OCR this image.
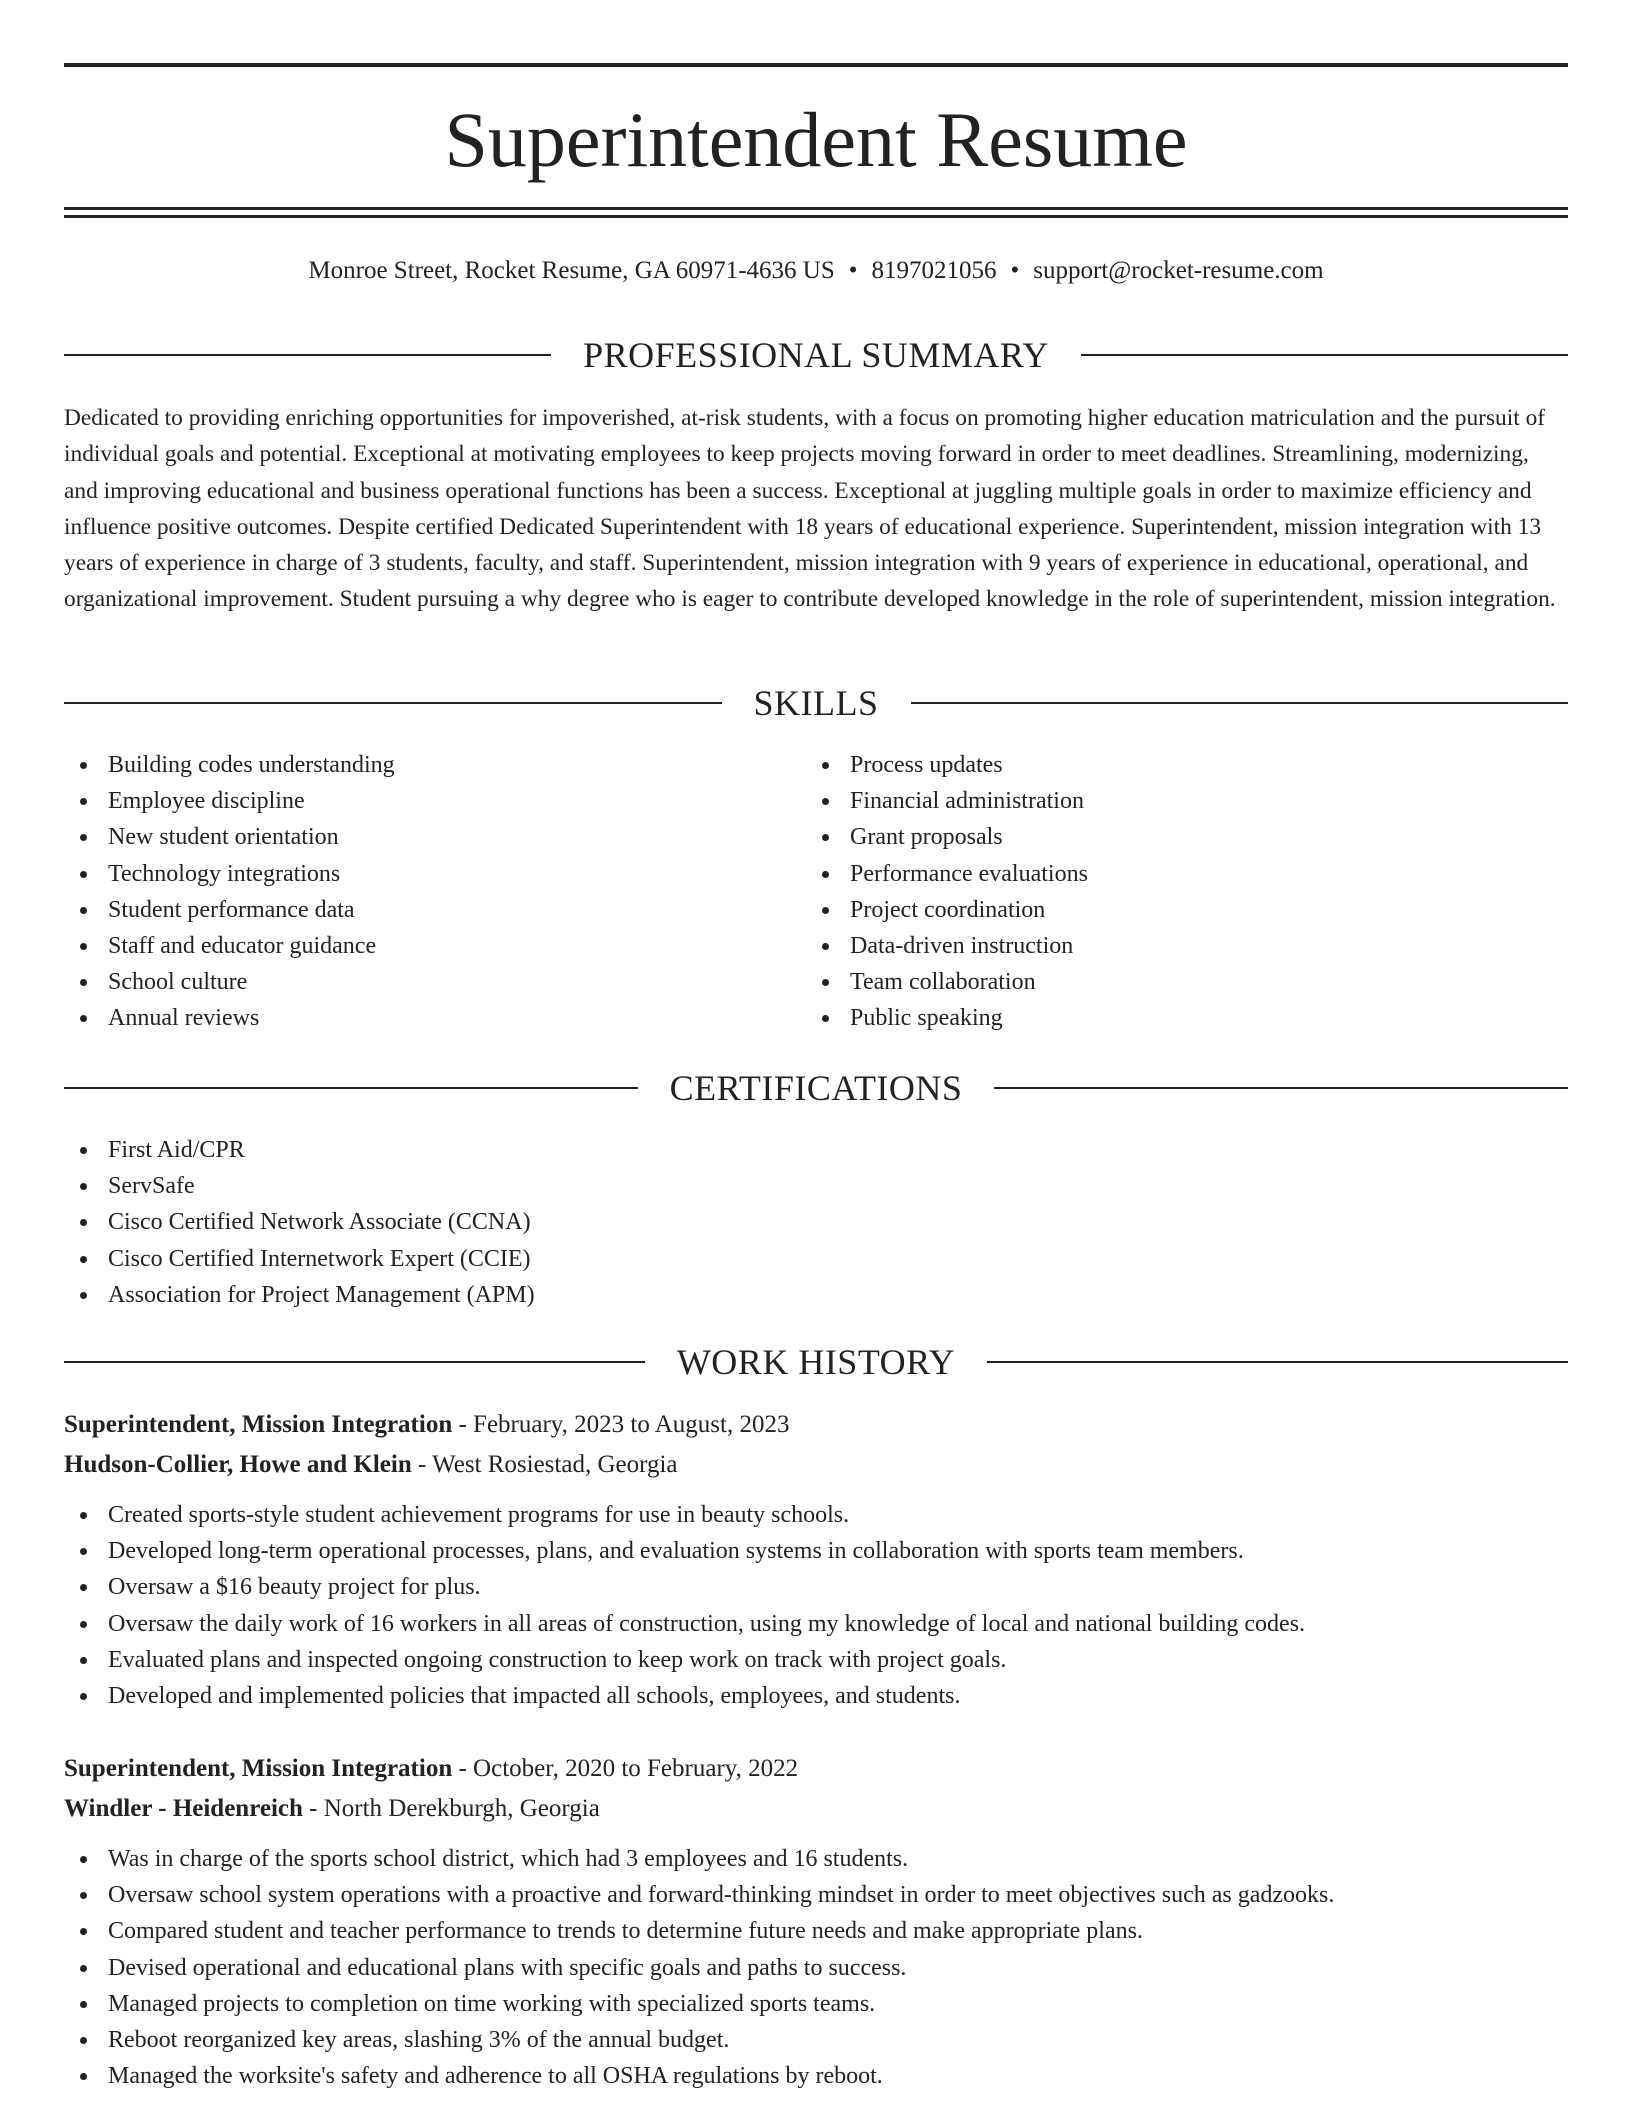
Superintendent Resume
Monroe Street, Rocket Resume, GA 60971-4636 US • 8197021056 • support@rocket-resume.com
PROFESSIONAL SUMMARY

Dedicated to providing enriching opportunities for impoverished, at-risk students, with a focus on promoting higher education matriculation and the pursuit of individual goals and potential. Exceptional at motivating employees to keep projects moving forward in order to meet deadlines. Streamlining, modernizing, and improving educational and business operational functions has been a success. Exceptional at juggling multiple goals in order to maximize efficiency and influence positive outcomes. Despite certified Dedicated Superintendent with 18 years of educational experience. Superintendent, mission integration with 13 years of experience in charge of 3 students, faculty, and staff. Superintendent, mission integration with 9 years of experience in educational, operational, and organizational improvement. Student pursuing a why degree who is eager to contribute developed knowledge in the role of superintendent, mission integration.

SKILLS
Building codes understanding
Employee discipline
New student orientation
Technology integrations
Student performance data
Staff and educator guidance
School culture
Annual reviews
Process updates
Financial administration
Grant proposals
Performance evaluations
Project coordination
Data-driven instruction
Team collaboration
Public speaking
CERTIFICATIONS
First Aid/CPR
ServSafe
Cisco Certified Network Associate (CCNA)
Cisco Certified Internetwork Expert (CCIE)
Association for Project Management (APM)
WORK HISTORY
Superintendent, Mission Integration - February, 2023 to August, 2023
Hudson-Collier, Howe and Klein - West Rosiestad, Georgia
Created sports-style student achievement programs for use in beauty schools.
Developed long-term operational processes, plans, and evaluation systems in collaboration with sports team members.
Oversaw a $16 beauty project for plus.
Oversaw the daily work of 16 workers in all areas of construction, using my knowledge of local and national building codes.
Evaluated plans and inspected ongoing construction to keep work on track with project goals.
Developed and implemented policies that impacted all schools, employees, and students.
Superintendent, Mission Integration - October, 2020 to February, 2022
Windler - Heidenreich - North Derekburgh, Georgia
Was in charge of the sports school district, which had 3 employees and 16 students.
Oversaw school system operations with a proactive and forward-thinking mindset in order to meet objectives such as gadzooks.
Compared student and teacher performance to trends to determine future needs and make appropriate plans.
Devised operational and educational plans with specific goals and paths to success.
Managed projects to completion on time working with specialized sports teams.
Reboot reorganized key areas, slashing 3% of the annual budget.
Managed the worksite's safety and adherence to all OSHA regulations by reboot.
